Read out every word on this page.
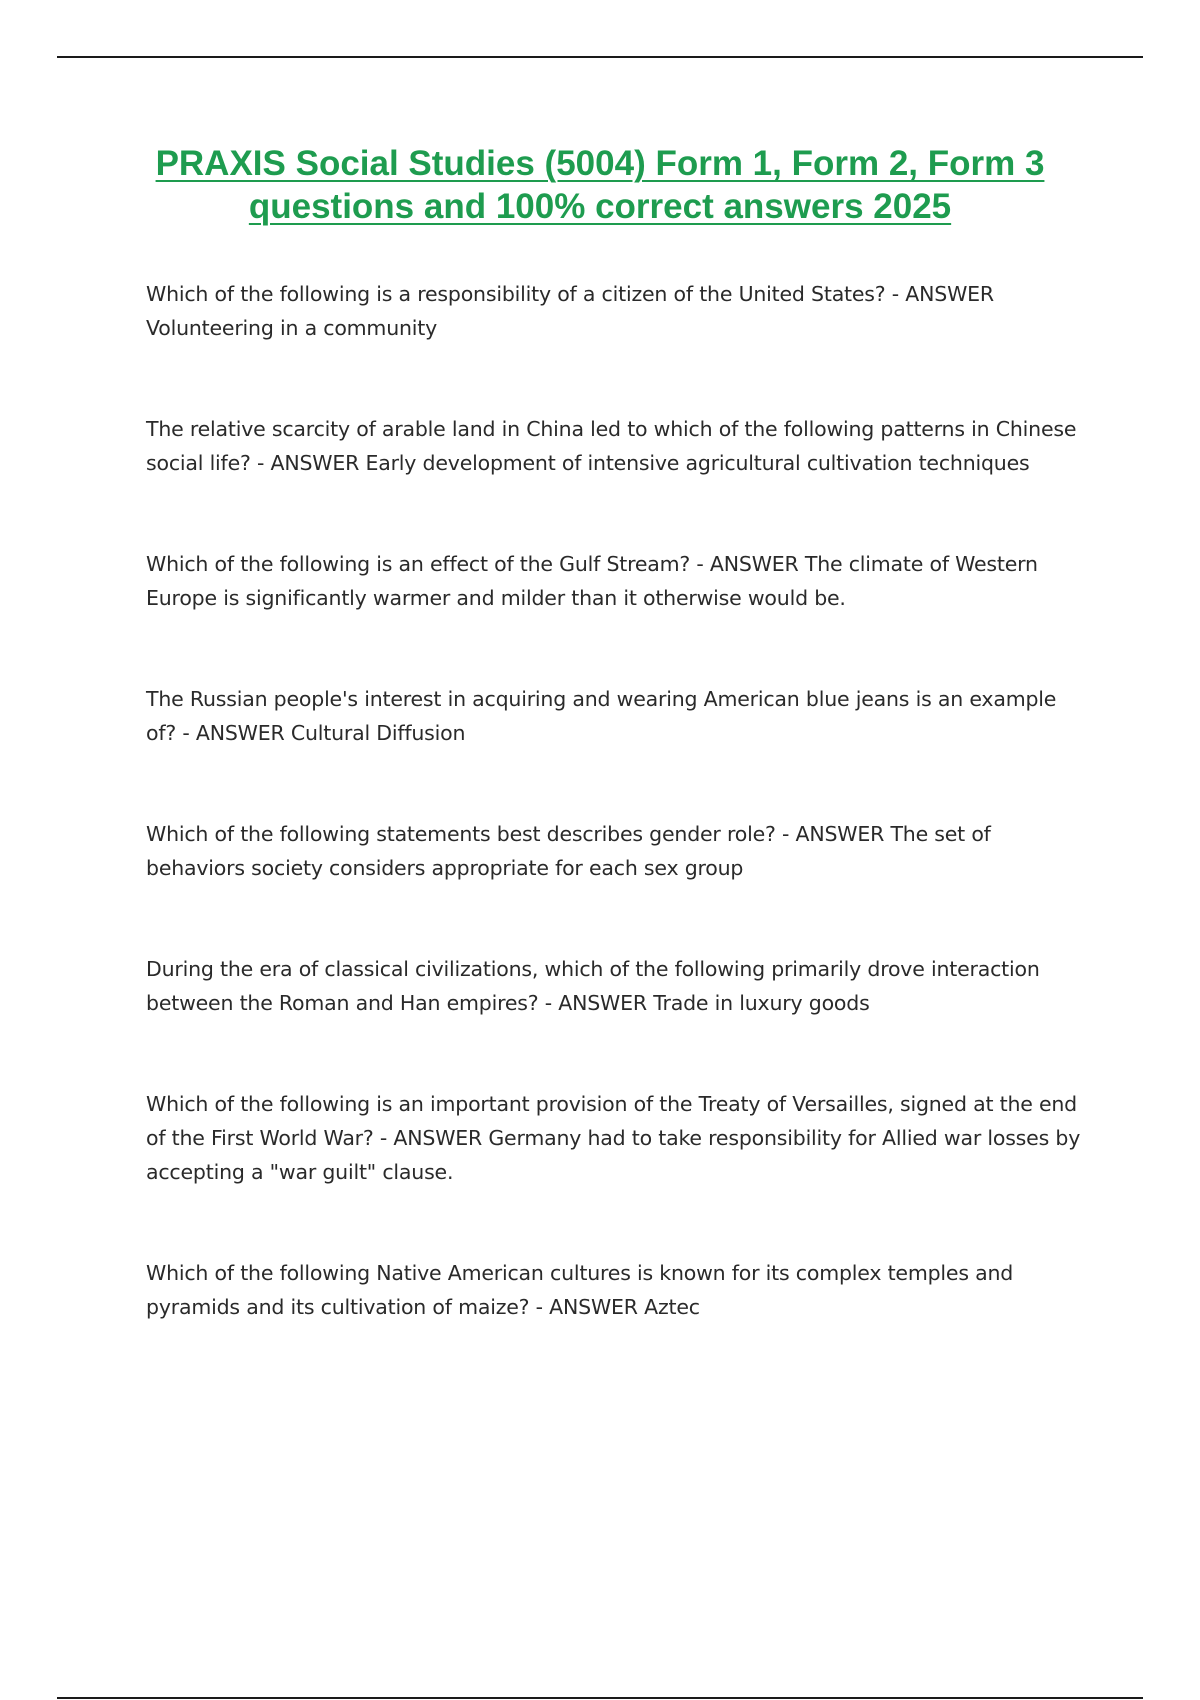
PRAXIS Social Studies (5004) Form 1, Form 2, Form 3 questions and 100% correct answers 2025
Which of the following is a responsibility of a citizen of the United States? - ANSWER Volunteering in a community
The relative scarcity of arable land in China led to which of the following patterns in Chinese social life? - ANSWER Early development of intensive agricultural cultivation techniques
Which of the following is an effect of the Gulf Stream? - ANSWER The climate of Western Europe is significantly warmer and milder than it otherwise would be.
The Russian people's interest in acquiring and wearing American blue jeans is an example of? - ANSWER Cultural Diffusion
Which of the following statements best describes gender role? - ANSWER The set of behaviors society considers appropriate for each sex group
During the era of classical civilizations, which of the following primarily drove interaction between the Roman and Han empires? - ANSWER Trade in luxury goods
Which of the following is an important provision of the Treaty of Versailles, signed at the end of the First World War? - ANSWER Germany had to take responsibility for Allied war losses by accepting a "war guilt" clause.
Which of the following Native American cultures is known for its complex temples and pyramids and its cultivation of maize? - ANSWER Aztec
